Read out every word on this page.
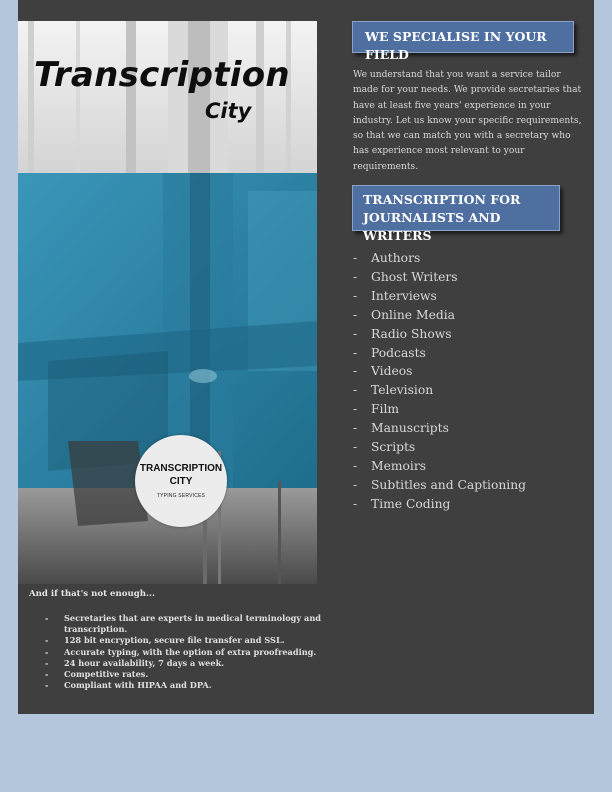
Transcription
City
TRANSCRIPTION CITY
TYPING SERVICES
WE SPECIALISE IN YOUR FIELD
We understand that you want a service tailor made for your needs. We provide secretaries that have at least five years' experience in your industry. Let us know your specific requirements, so that we can match you with a secretary who has experience most relevant to your requirements.
TRANSCRIPTION FOR JOURNALISTS AND WRITERS
- Authors
- Ghost Writers
- Interviews
- Online Media
- Radio Shows
- Podcasts
- Videos
- Television
- Film
- Manuscripts
- Scripts
- Memoirs
- Subtitles and Captioning
- Time Coding
And if that's not enough...
- Secretaries that are experts in medical terminology and transcription.
- 128 bit encryption, secure file transfer and SSL.
- Accurate typing, with the option of extra proofreading.
- 24 hour availability, 7 days a week.
- Competitive rates.
- Compliant with HIPAA and DPA.
